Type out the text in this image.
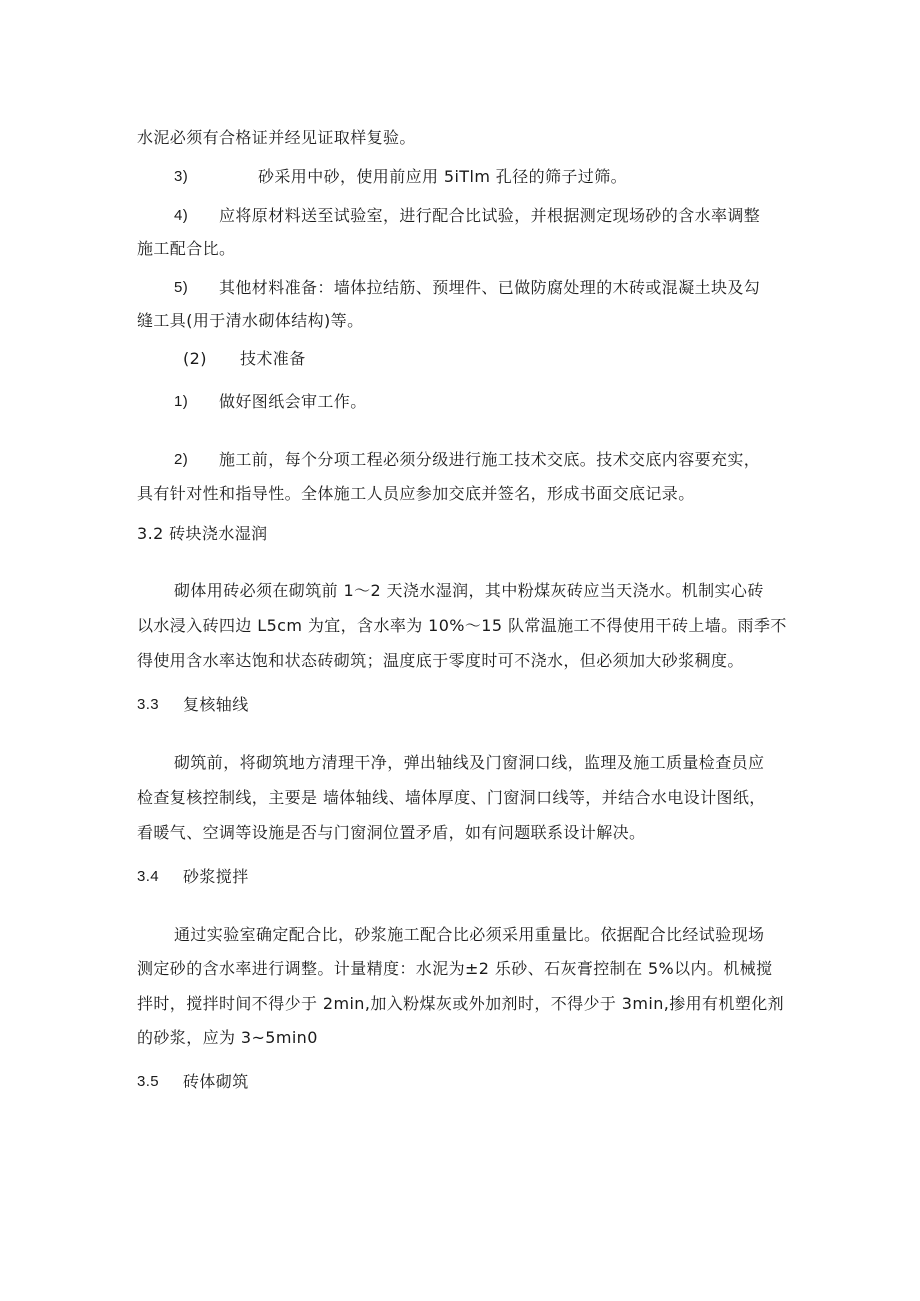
水泥必须有合格证并经见证取样复验。
3)	砂采用中砂，使用前应用 5iTlm 孔径的筛子过筛。
4) 应将原材料送至试验室，进行配合比试验，并根据测定现场砂的含水率调整
施工配合比。
5) 其他材料准备：墙体拉结筋、预埋件、已做防腐处理的木砖或混凝土块及勾
缝工具(用于清水砌体结构)等。
(2) 技术准备
1) 做好图纸会审工作。
2) 施工前，每个分项工程必须分级进行施工技术交底。技术交底内容要充实，
具有针对性和指导性。全体施工人员应参加交底并签名，形成书面交底记录。
3.2 砖块浇水湿润
砌体用砖必须在砌筑前 1～2 天浇水湿润，其中粉煤灰砖应当天浇水。机制实心砖
以水浸入砖四边 L5cm 为宜，含水率为 10%～15 队常温施工不得使用干砖上墙。雨季不
得使用含水率达饱和状态砖砌筑；温度底于零度时可不浇水，但必须加大砂浆稠度。
3.3 复核轴线
砌筑前，将砌筑地方清理干净，弹出轴线及门窗洞口线，监理及施工质量检查员应
检查复核控制线，主要是 墙体轴线、墙体厚度、门窗洞口线等，并结合水电设计图纸，
看暖气、空调等设施是否与门窗洞位置矛盾，如有问题联系设计解决。
3.4 砂浆搅拌
通过实验室确定配合比，砂浆施工配合比必须采用重量比。依据配合比经试验现场
测定砂的含水率进行调整。计量精度：水泥为±2 乐砂、石灰膏控制在 5%以内。机械搅
拌时，搅拌时间不得少于 2min,加入粉煤灰或外加剂时，不得少于 3min,掺用有机塑化剂
的砂浆，应为 3~5min0
3.5 砖体砌筑
